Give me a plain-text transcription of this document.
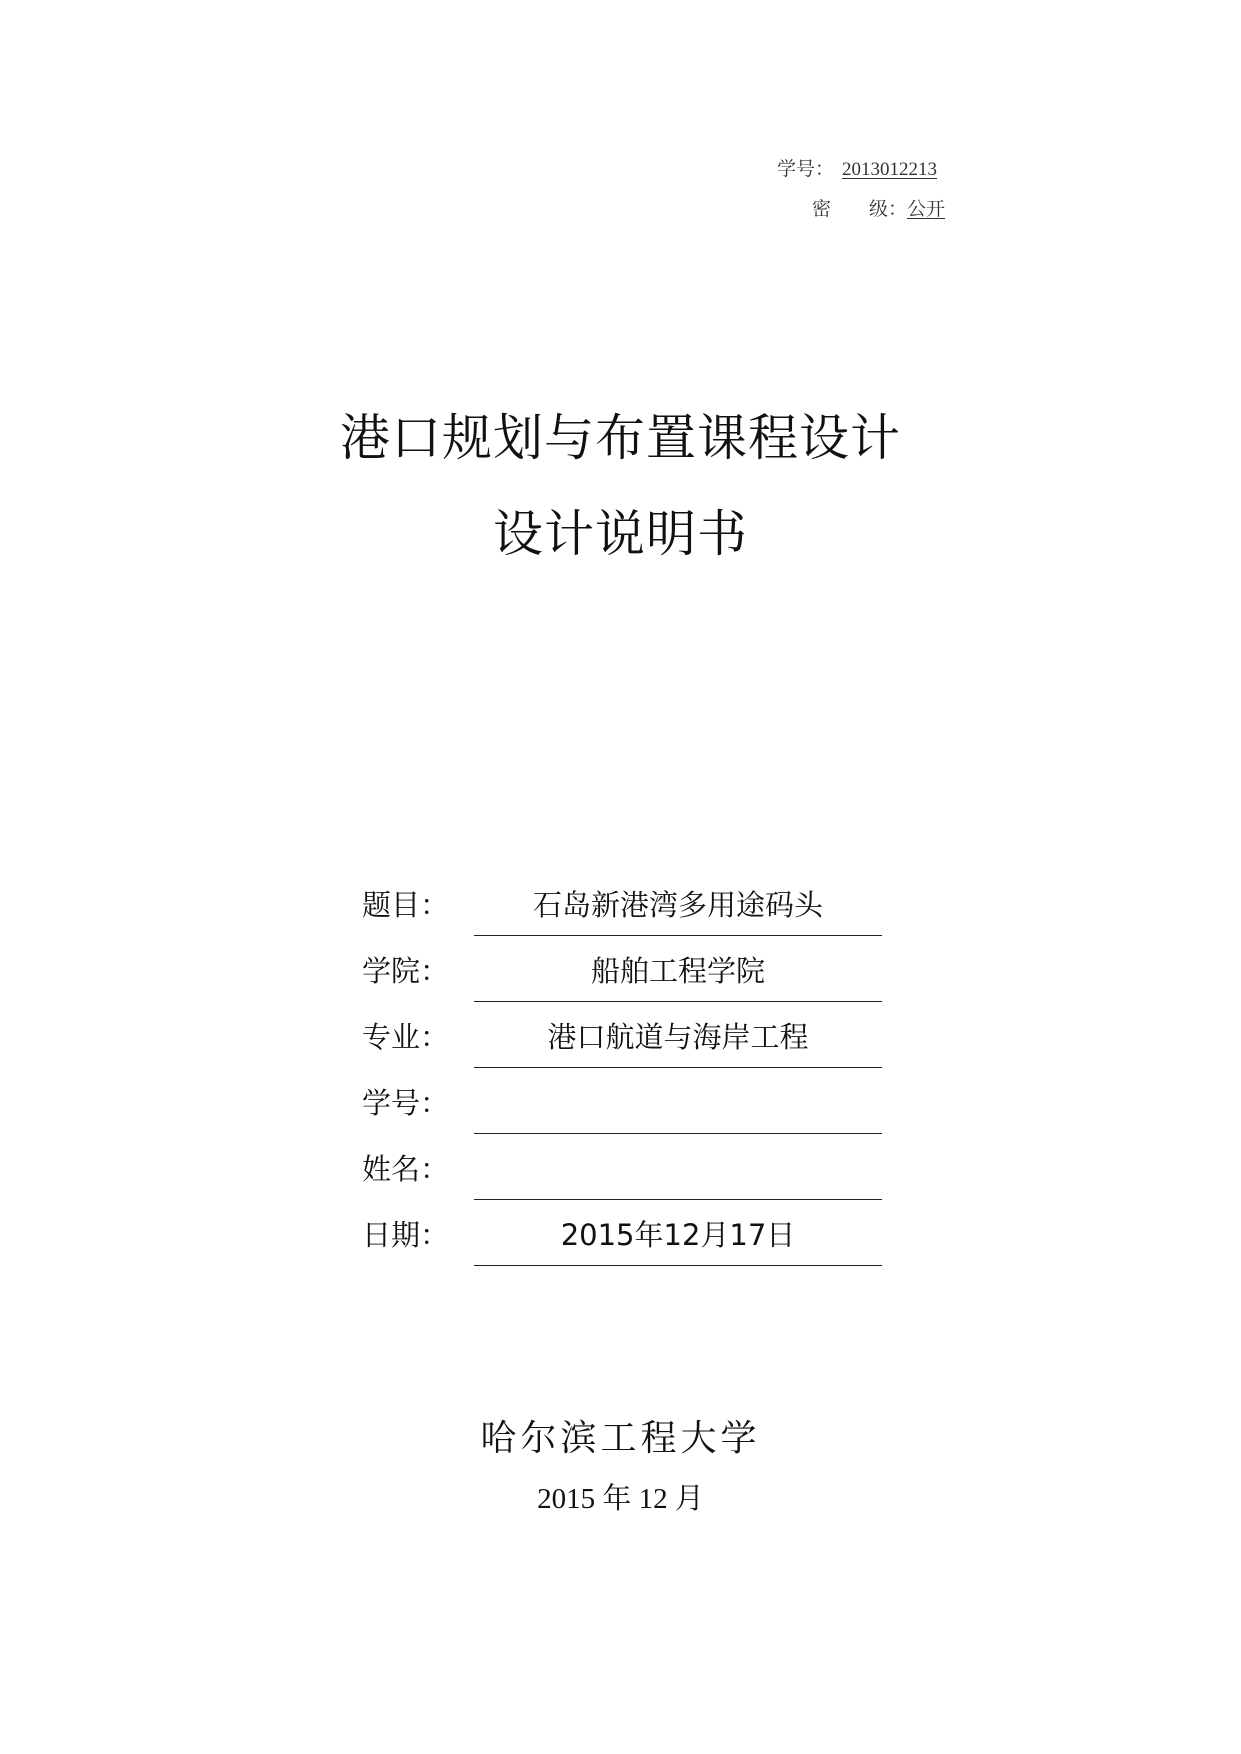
学号： 2013012213
密 级：公开
港口规划与布置课程设计
设计说明书
题目：	石岛新港湾多用途码头
学院：	船舶工程学院
专业：	港口航道与海岸工程
学号：
姓名：
日期：	2015年12月17日
哈尔滨工程大学
2015 年 12 月
